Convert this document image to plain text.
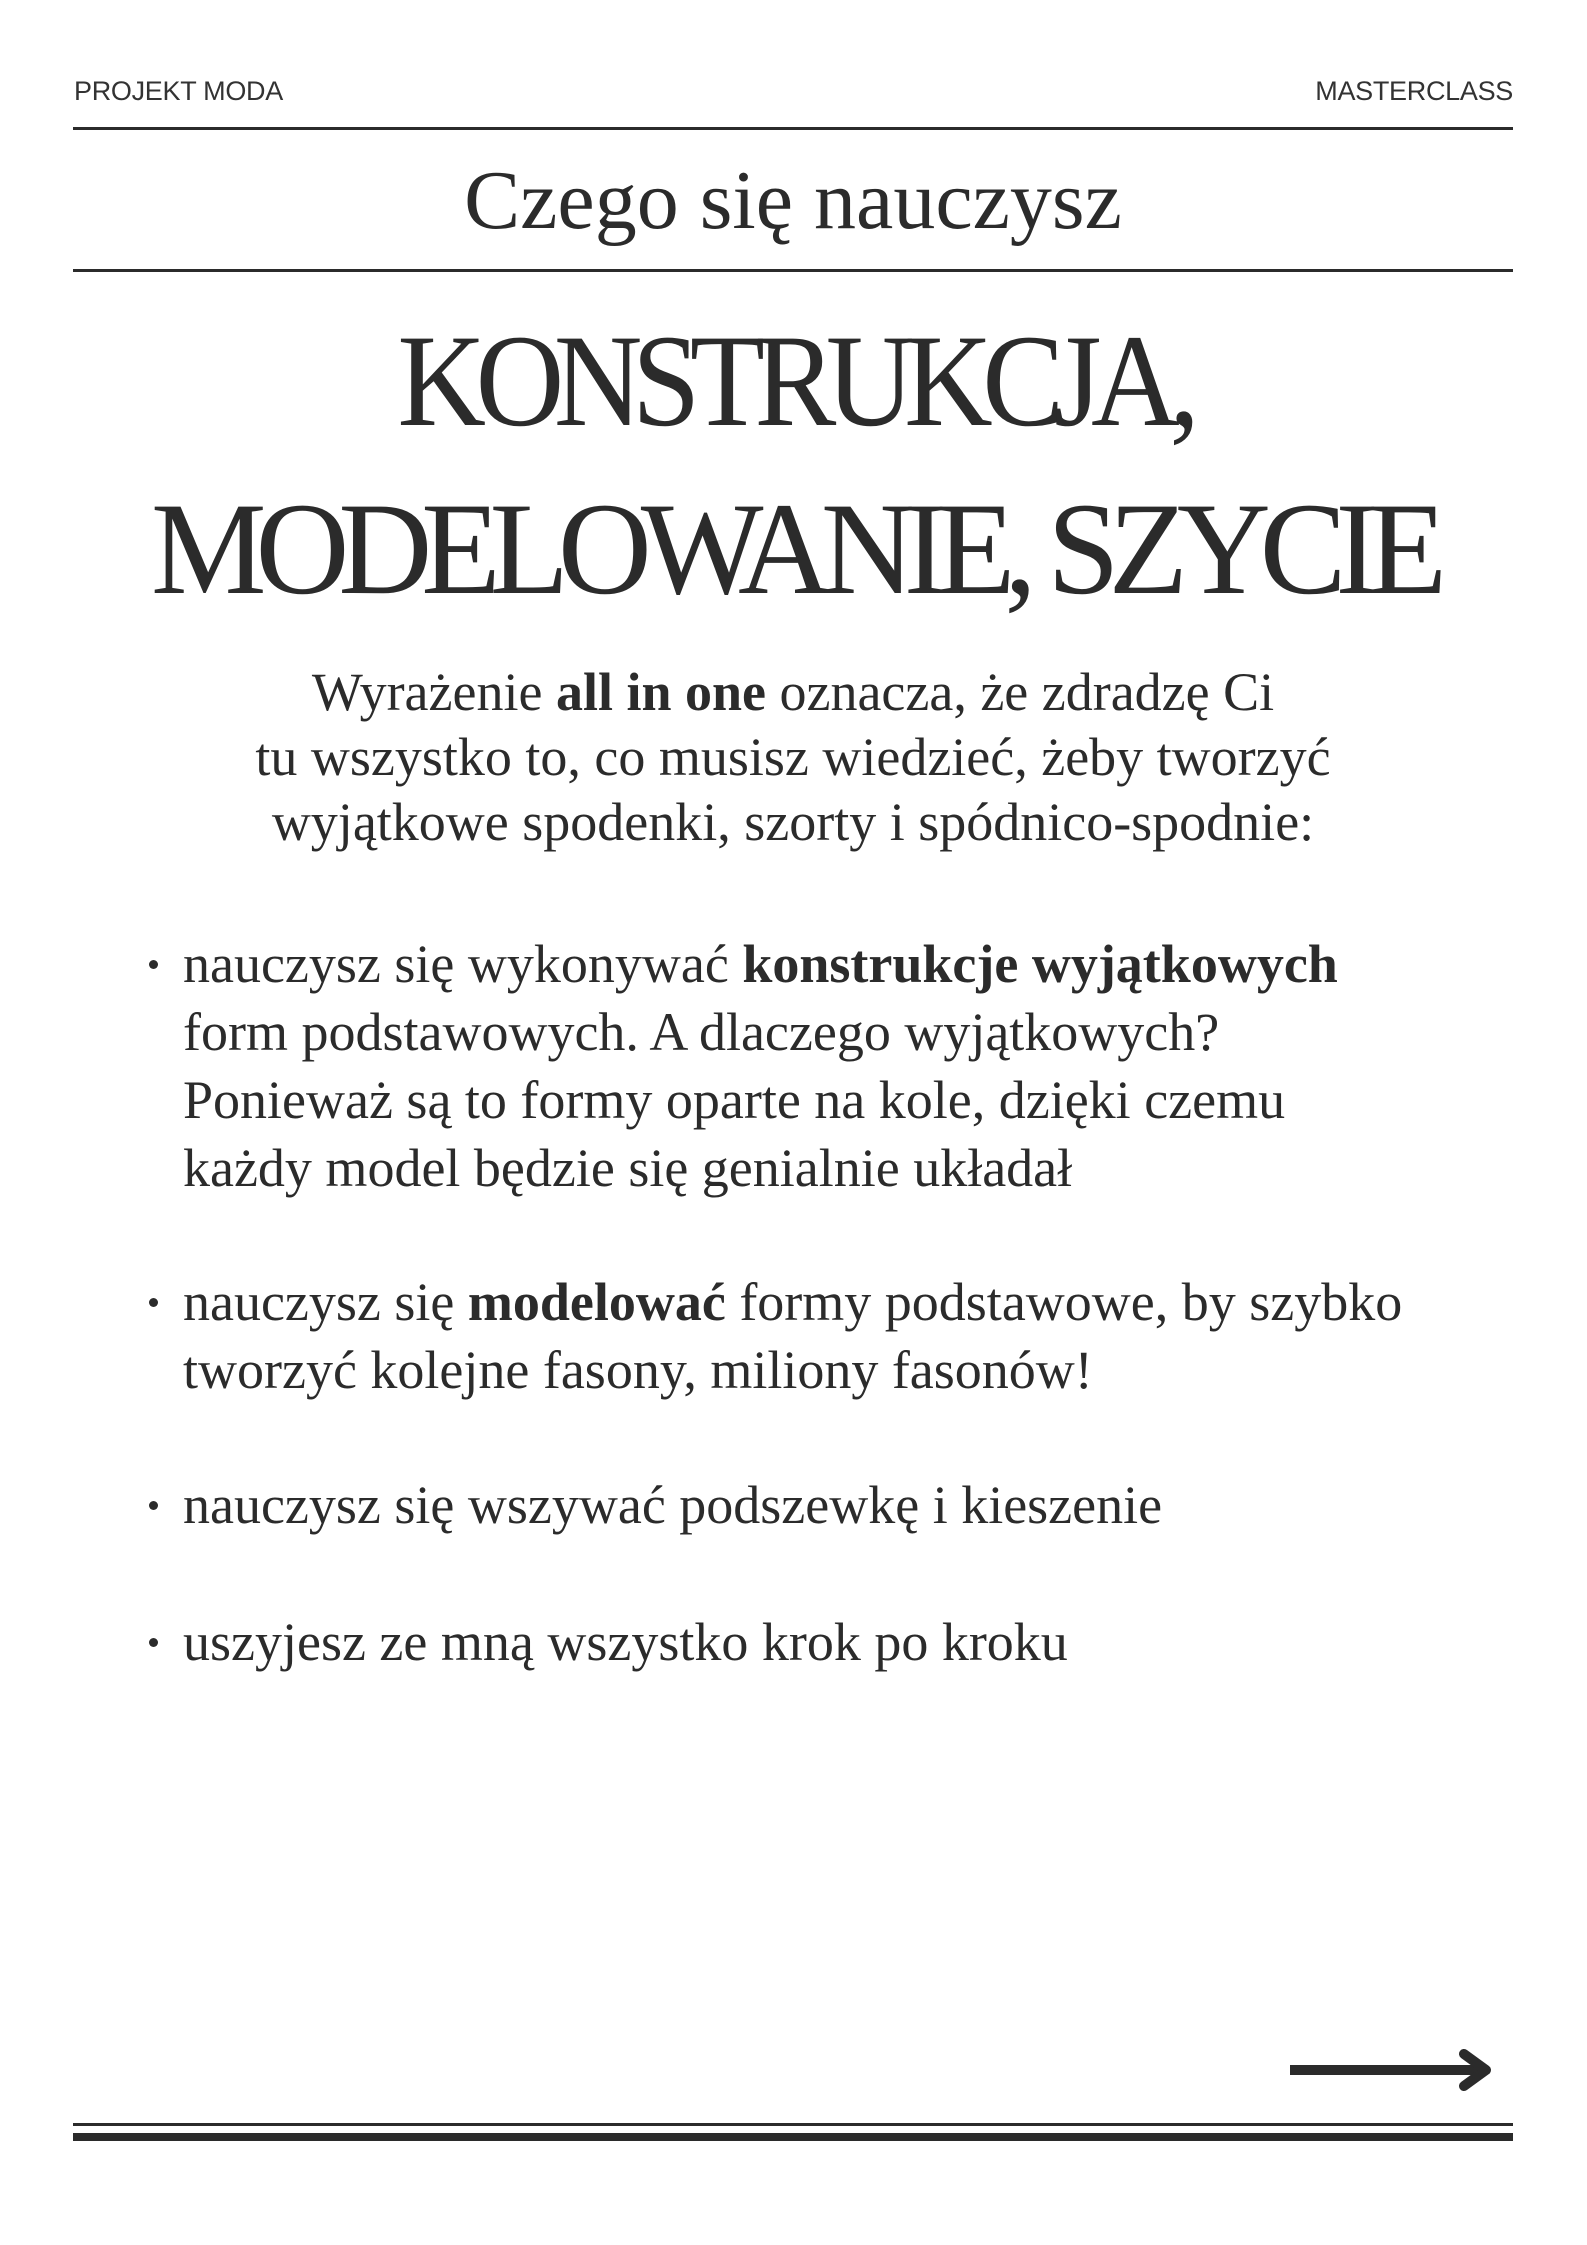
PROJEKT MODA	MASTERCLASS
Czego się nauczysz
KONSTRUKCJA,
MODELOWANIE, SZYCIE
Wyrażenie all in one oznacza, że zdradzę Ci
tu wszystko to, co musisz wiedzieć, żeby tworzyć
wyjątkowe spodenki, szorty i spódnico-spodnie:
nauczysz się wykonywać konstrukcje wyjątkowych
form podstawowych. A dlaczego wyjątkowych?
Ponieważ są to formy oparte na kole, dzięki czemu
każdy model będzie się genialnie układał
nauczysz się modelować formy podstawowe, by szybko
tworzyć kolejne fasony, miliony fasonów!
nauczysz się wszywać podszewkę i kieszenie
uszyjesz ze mną wszystko krok po kroku
